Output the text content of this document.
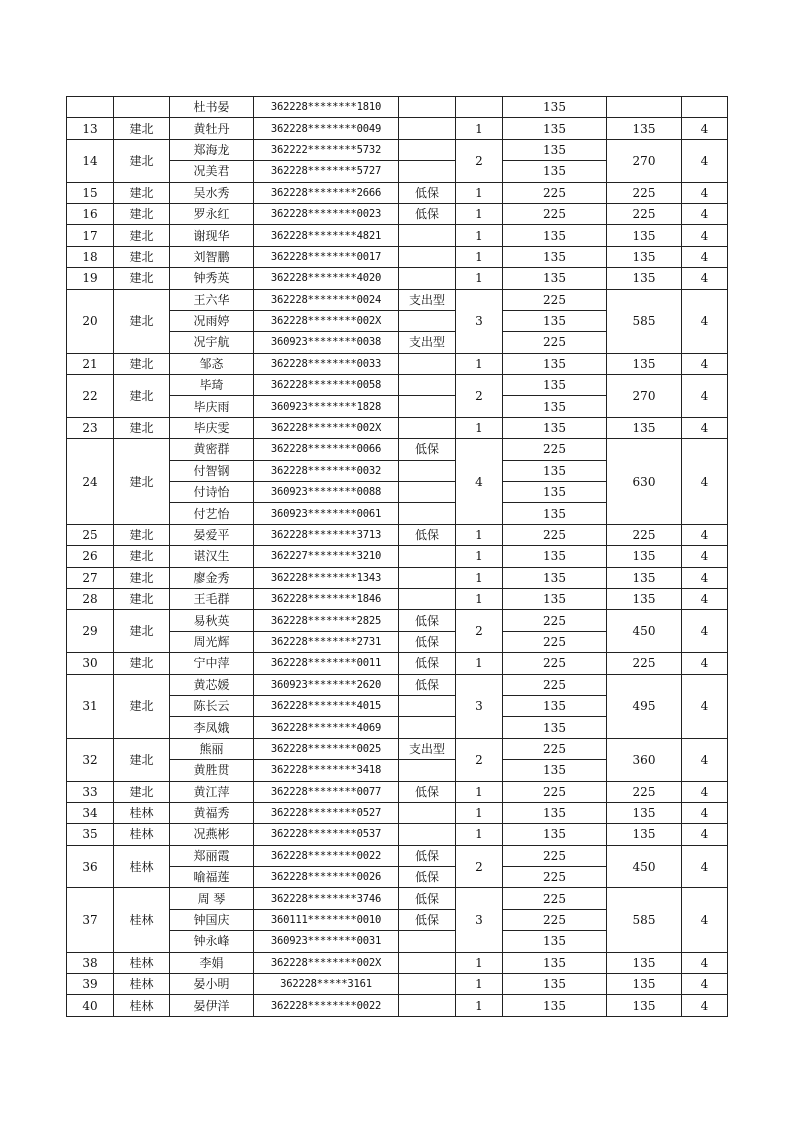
		杜书晏	362228********1810			135		
13	建北	黄牡丹	362228********0049		1	135	135	4
14	建北	郑海龙	362222********5732		2	135	270	4
		况美君	362228********5727			135		
15	建北	吴水秀	362228********2666	低保	1	225	225	4
16	建北	罗永红	362228********0023	低保	1	225	225	4
17	建北	谢现华	362228********4821		1	135	135	4
18	建北	刘智鹏	362228********0017		1	135	135	4
19	建北	钟秀英	362228********4020		1	135	135	4
20	建北	王六华	362228********0024	支出型	3	225	585	4
		况雨婷	362228********002X			135		
		况宇航	360923********0038	支出型		225		
21	建北	邹忞	362228********0033		1	135	135	4
22	建北	毕琦	362228********0058		2	135	270	4
		毕庆雨	360923********1828			135		
23	建北	毕庆雯	362228********002X		1	135	135	4
24	建北	黄密群	362228********0066	低保	4	225	630	4
		付智钢	362228********0032			135		
		付诗怡	360923********0088			135		
		付艺怡	360923********0061			135		
25	建北	晏爱平	362228********3713	低保	1	225	225	4
26	建北	谌汉生	362227********3210		1	135	135	4
27	建北	廖金秀	362228********1343		1	135	135	4
28	建北	王毛群	362228********1846		1	135	135	4
29	建北	易秋英	362228********2825	低保	2	225	450	4
		周光辉	362228********2731	低保		225		
30	建北	宁中萍	362228********0011	低保	1	225	225	4
31	建北	黄芯媛	360923********2620	低保	3	225	495	4
		陈长云	362228********4015			135		
		李凤娥	362228********4069			135		
32	建北	熊丽	362228********0025	支出型	2	225	360	4
		黄胜贯	362228********3418			135		
33	建北	黄江萍	362228********0077	低保	1	225	225	4
34	桂林	黄福秀	362228********0527		1	135	135	4
35	桂林	况燕彬	362228********0537		1	135	135	4
36	桂林	郑丽霞	362228********0022	低保	2	225	450	4
		喻福莲	362228********0026	低保		225		
37	桂林	周 琴	362228********3746	低保	3	225	585	4
		钟国庆	360111********0010	低保		225		
		钟永峰	360923********0031			135		
38	桂林	李娟	362228********002X		1	135	135	4
39	桂林	晏小明	362228*****3161		1	135	135	4
40	桂林	晏伊洋	362228********0022		1	135	135	4
